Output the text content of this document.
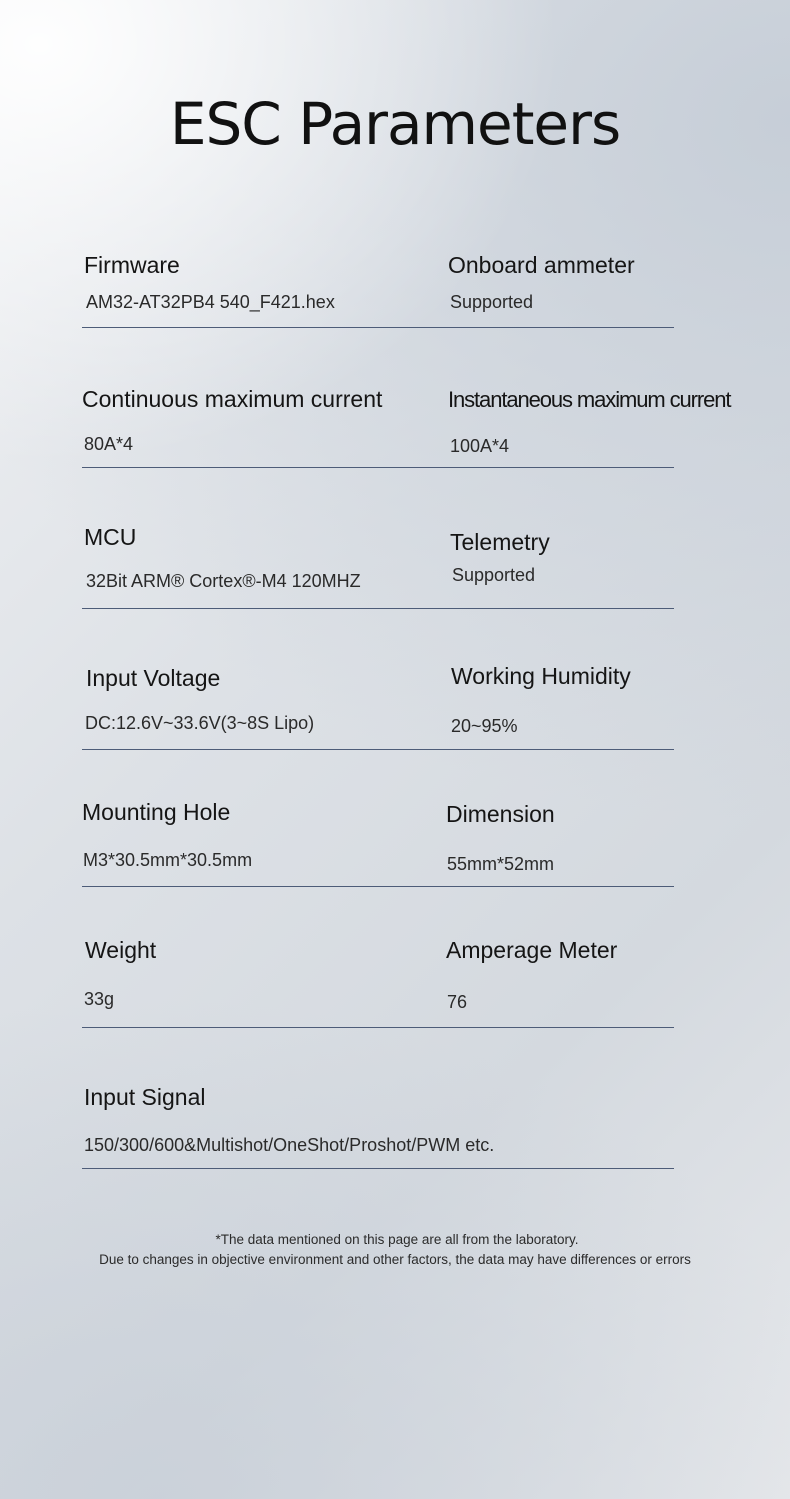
ESC Parameters
Firmware
AM32-AT32PB4 540_F421.hex
Onboard ammeter
Supported
Continuous maximum current
80A*4
Instantaneous maximum current
100A*4
MCU
32Bit ARM® Cortex®-M4 120MHZ
Telemetry
Supported
Input Voltage
DC:12.6V~33.6V(3~8S Lipo)
Working Humidity
20~95%
Mounting Hole
M3*30.5mm*30.5mm
Dimension
55mm*52mm
Weight
33g
Amperage Meter
76
Input Signal
150/300/600&Multishot/OneShot/Proshot/PWM etc.
*The data mentioned on this page are all from the laboratory.
Due to changes in objective environment and other factors, the data may have differences or errors
